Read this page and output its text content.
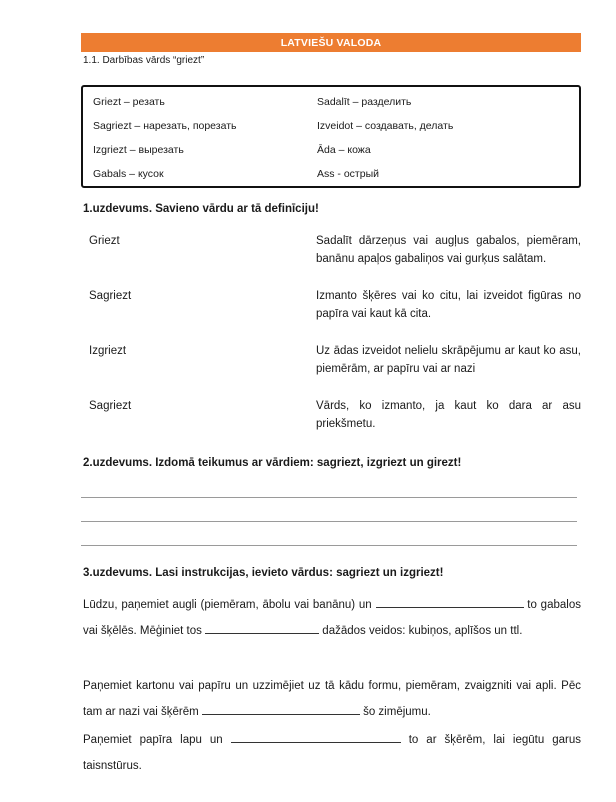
LATVIEŠU VALODA
1.1. Darbības vārds “griezt”
Griezt – резать	Sadalīt – разделить
Sagriezt – нарезать, порезать	Izveidot – создавать, делать
Izgriezt – вырезать	Āda – кожа
Gabals – кусок	Ass - острый
1.uzdevums. Savieno vārdu ar tā definīciju!
Griezt	Sadalīt dārzeņus vai augļus gabalos, piemēram, banānu apaļos gabaliņos vai gurķus salātam.
Sagriezt	Izmanto šķēres vai ko citu, lai izveidot figūras no papīra vai kaut kā cita.
Izgriezt	Uz ādas izveidot nelielu skrāpējumu ar kaut ko asu, piemērām, ar papīru vai ar nazi
Sagriezt	Vārds, ko izmanto, ja kaut ko dara ar asu priekšmetu.
2.uzdevums. Izdomā teikumus ar vārdiem: sagriezt, izgriezt un girezt!
3.uzdevums. Lasi instrukcijas, ievieto vārdus: sagriezt un izgriezt!
Lūdzu, paņemiet augli (piemēram, ābolu vai banānu) un	to gabalos vai šķēlēs. Mēģiniet tos	dažādos veidos: kubiņos, aplīšos un ttl.
Paņemiet kartonu vai papīru un uzzimējiet uz tā kādu formu, piemēram, zvaigzniti vai apli. Pēc tam ar nazi vai šķērēm	šo zimējumu.
Paņemiet papīra lapu un	to ar šķērēm, lai iegūtu garus taisnstūrus.
